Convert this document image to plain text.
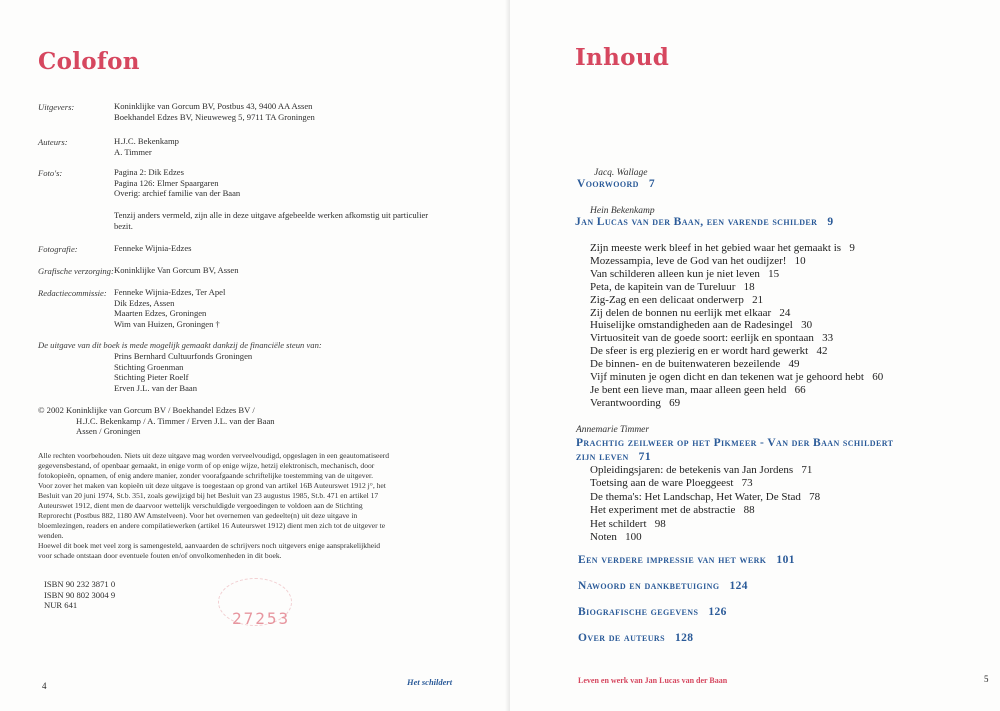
Colofon
Uitgevers:	Koninklijke van Gorcum BV, Postbus 43, 9400 AA Assen
Boekhandel Edzes BV, Nieuweweg 5, 9711 TA Groningen
Auteurs:	H.J.C. Bekenkamp
A. Timmer
Foto's:	Pagina 2: Dik Edzes
Pagina 126: Elmer Spaargaren
Overig: archief familie van der Baan
Tenzij anders vermeld, zijn alle in deze uitgave afgebeelde werken afkomstig uit particulier
bezit.
Fotografie:	Fenneke Wijnia-Edzes
Grafische verzorging: Koninklijke Van Gorcum BV, Assen
Redactiecommissie: Fenneke Wijnia-Edzes, Ter Apel
Dik Edzes, Assen
Maarten Edzes, Groningen
Wim van Huizen, Groningen †
De uitgave van dit boek is mede mogelijk gemaakt dankzij de financiële steun van:
Prins Bernhard Cultuurfonds Groningen
Stichting Groenman
Stichting Pieter Roelf
Erven J.L. van der Baan
© 2002 Koninklijke van Gorcum BV / Boekhandel Edzes BV /
H.J.C. Bekenkamp / A. Timmer / Erven J.L. van der Baan
Assen / Groningen
Alle rechten voorbehouden. Niets uit deze uitgave mag worden verveelvoudigd, opgeslagen in een geautomatiseerd
gegevensbestand, of openbaar gemaakt, in enige vorm of op enige wijze, hetzij elektronisch, mechanisch, door
fotokopieën, opnamen, of enig andere manier, zonder voorafgaande schriftelijke toestemming van de uitgever.
Voor zover het maken van kopieën uit deze uitgave is toegestaan op grond van artikel 16B Auteurswet 1912 j°, het
Besluit van 20 juni 1974, St.b. 351, zoals gewijzigd bij het Besluit van 23 augustus 1985, St.b. 471 en artikel 17
Auteurswet 1912, dient men de daarvoor wettelijk verschuldigde vergoedingen te voldoen aan de Stichting
Reprorecht (Postbus 882, 1180 AW Amstelveen). Voor het overnemen van gedeelte(n) uit deze uitgave in
bloemlezingen, readers en andere compilatiewerken (artikel 16 Auteurswet 1912) dient men zich tot de uitgever te
wenden.
Hoewel dit boek met veel zorg is samengesteld, aanvaarden de schrijvers noch uitgevers enige aansprakelijkheid
voor schade ontstaan door eventuele fouten en/of onvolkomenheden in dit boek.
ISBN 90 232 3871 0
ISBN 90 802 3004 9
NUR 641
27253
4	Het schildert
Inhoud
Jacq. Wallage
Voorwoord 7
Hein Bekenkamp
Jan Lucas van der Baan, een varende schilder 9
Zijn meeste werk bleef in het gebied waar het gemaakt is 9
Mozessampia, leve de God van het oudijzer! 10
Van schilderen alleen kun je niet leven 15
Peta, de kapitein van de Tureluur 18
Zig-Zag en een delicaat onderwerp 21
Zij delen de bonnen nu eerlijk met elkaar 24
Huiselijke omstandigheden aan de Radesingel 30
Virtuositeit van de goede soort: eerlijk en spontaan 33
De sfeer is erg plezierig en er wordt hard gewerkt 42
De binnen- en de buitenwateren bezeilende 49
Vijf minuten je ogen dicht en dan tekenen wat je gehoord hebt 60
Je bent een lieve man, maar alleen geen held 66
Verantwoording 69
Annemarie Timmer
Prachtig zeilweer op het Pikmeer - Van der Baan schildert
zijn leven 71
Opleidingsjaren: de betekenis van Jan Jordens 71
Toetsing aan de ware Ploeggeest 73
De thema's: Het Landschap, Het Water, De Stad 78
Het experiment met de abstractie 88
Het schildert 98
Noten 100
Een verdere impressie van het werk 101
Nawoord en dankbetuiging 124
Biografische gegevens 126
Over de auteurs 128
Leven en werk van Jan Lucas van der Baan	5
